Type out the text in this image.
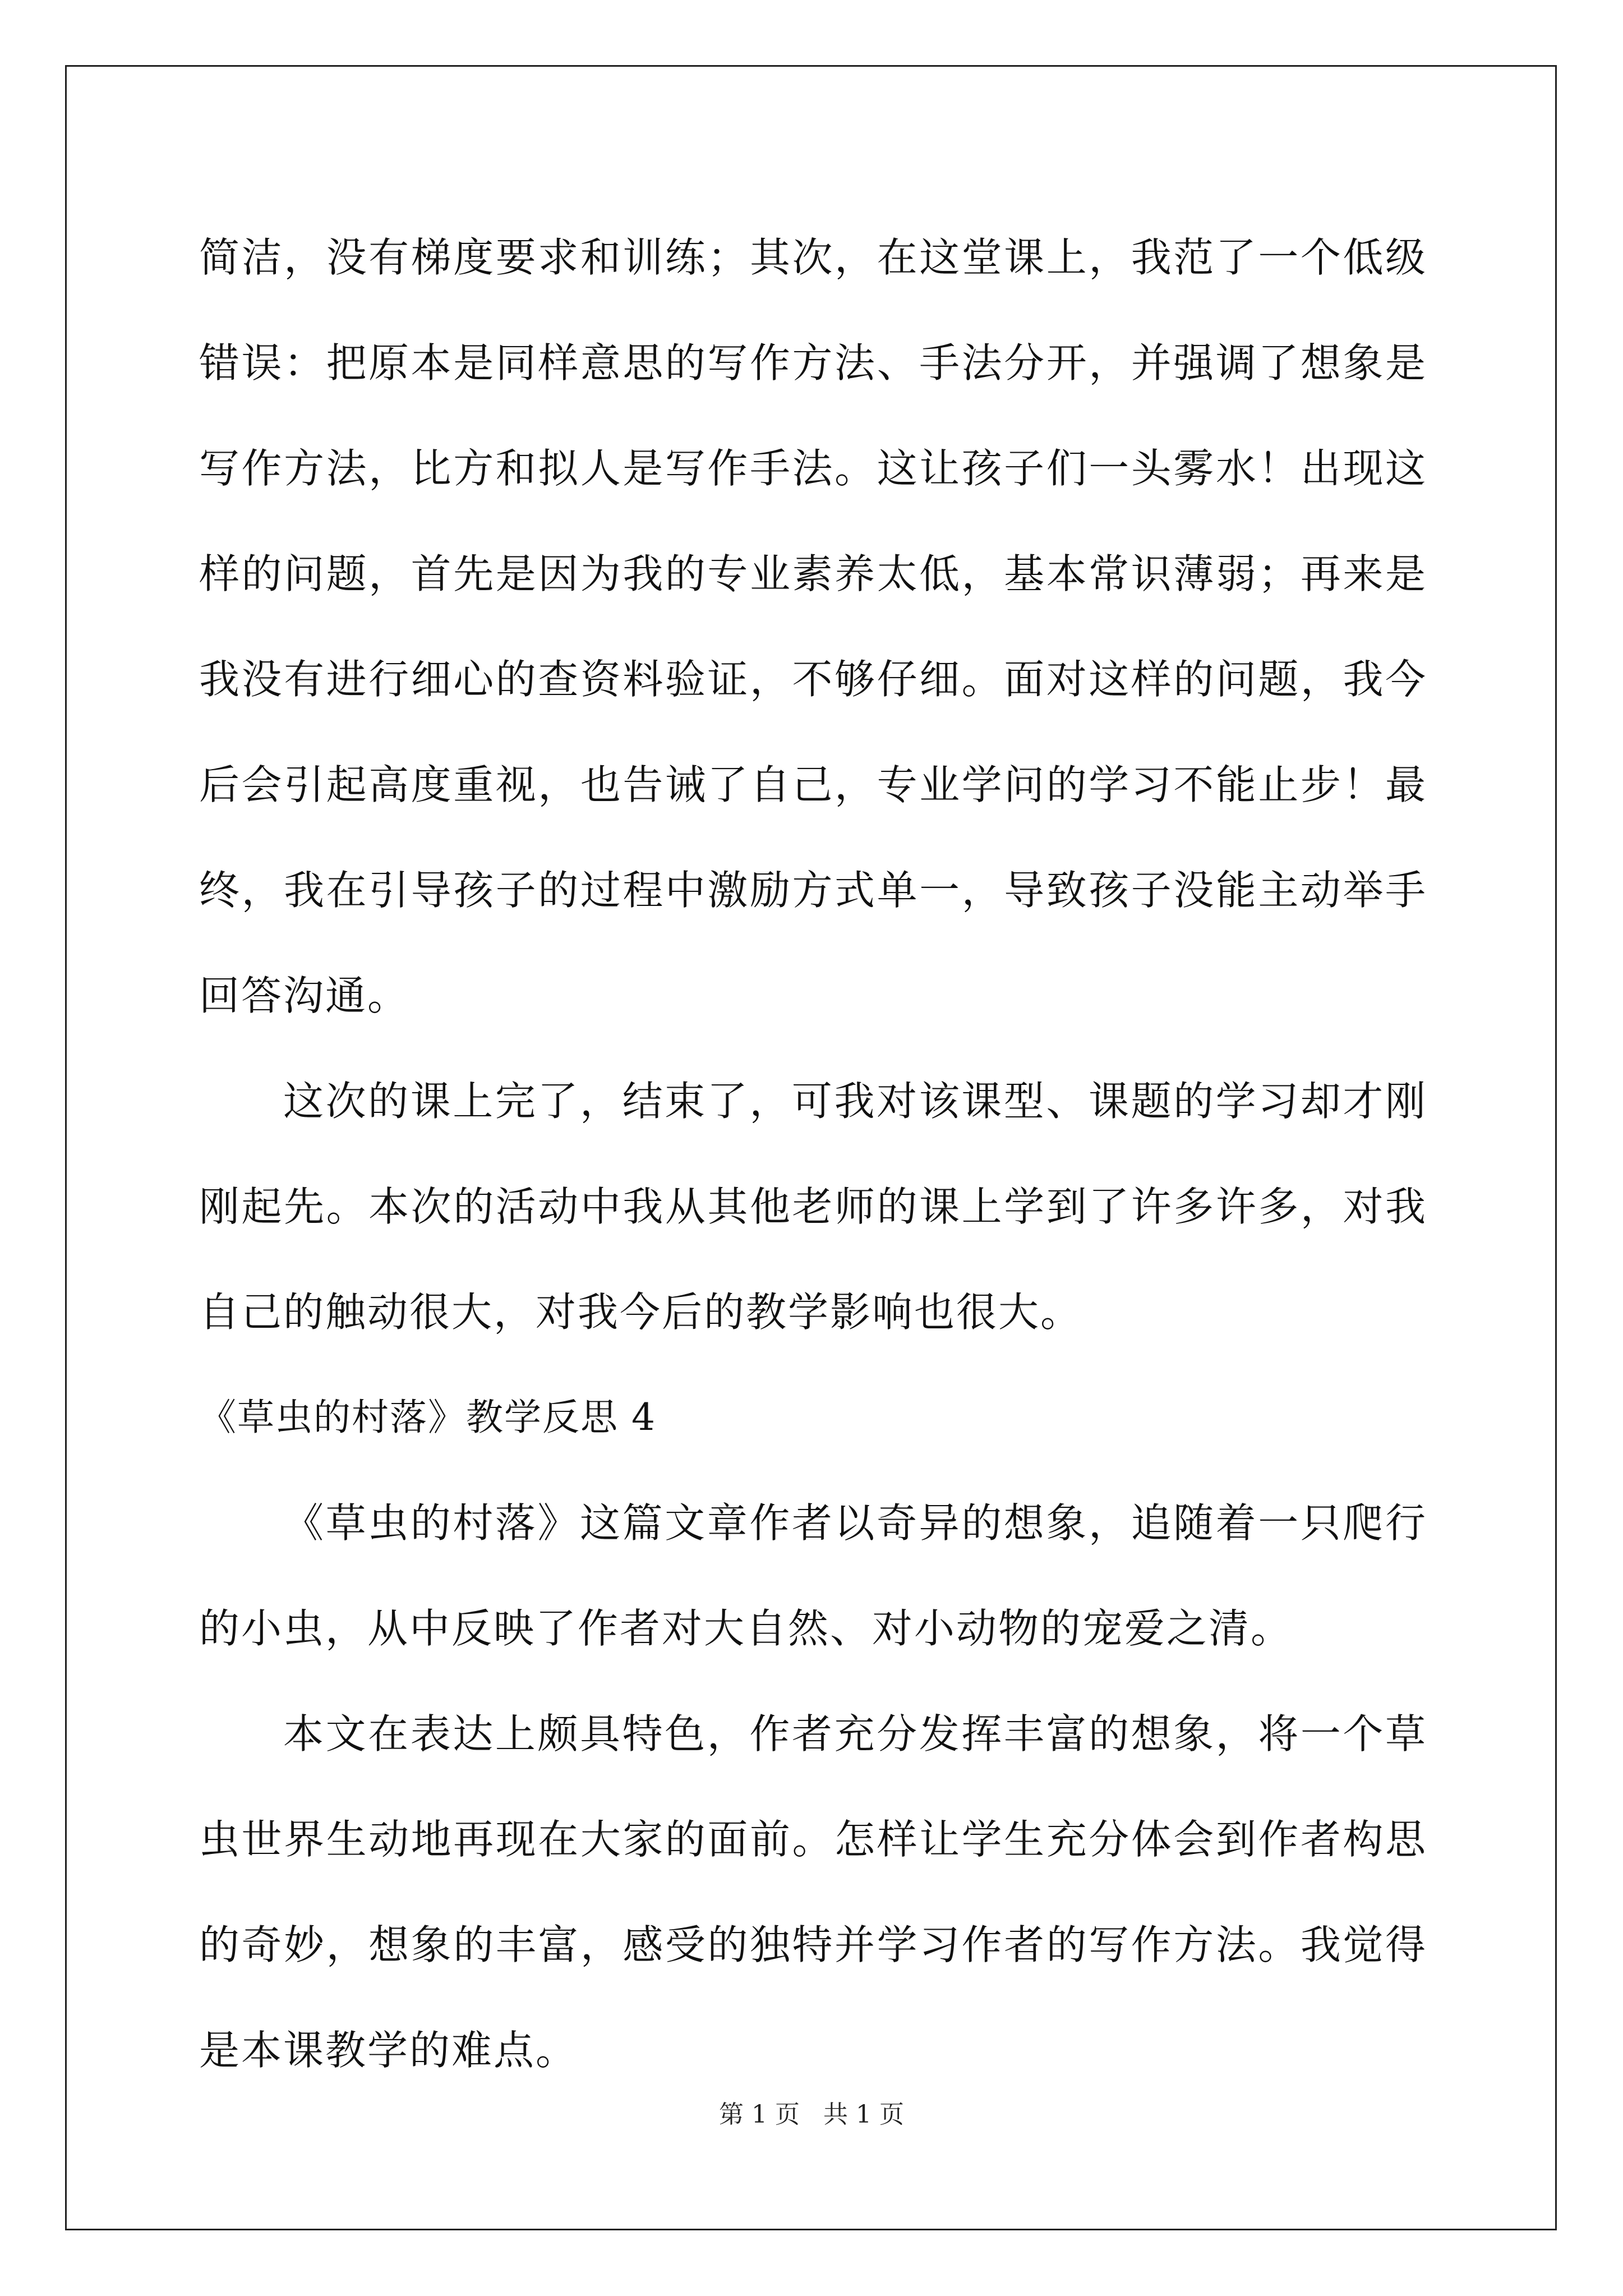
简洁，没有梯度要求和训练；其次，在这堂课上，我范了一个低级错误：把原本是同样意思的写作方法、手法分开，并强调了想象是写作方法，比方和拟人是写作手法。这让孩子们一头雾水！出现这样的问题，首先是因为我的专业素养太低，基本常识薄弱；再来是我没有进行细心的查资料验证，不够仔细。面对这样的问题，我今后会引起高度重视，也告诫了自己，专业学问的学习不能止步！最终，我在引导孩子的过程中激励方式单一，导致孩子没能主动举手回答沟通。

这次的课上完了，结束了，可我对该课型、课题的学习却才刚刚起先。本次的活动中我从其他老师的课上学到了许多许多，对我自己的触动很大，对我今后的教学影响也很大。

《草虫的村落》教学反思 4

《草虫的村落》这篇文章作者以奇异的想象，追随着一只爬行的小虫，从中反映了作者对大自然、对小动物的宠爱之清。

本文在表达上颇具特色，作者充分发挥丰富的想象，将一个草虫世界生动地再现在大家的面前。怎样让学生充分体会到作者构思的奇妙，想象的丰富，感受的独特并学习作者的写作方法。我觉得是本课教学的难点。

第 1 页 共 1 页
